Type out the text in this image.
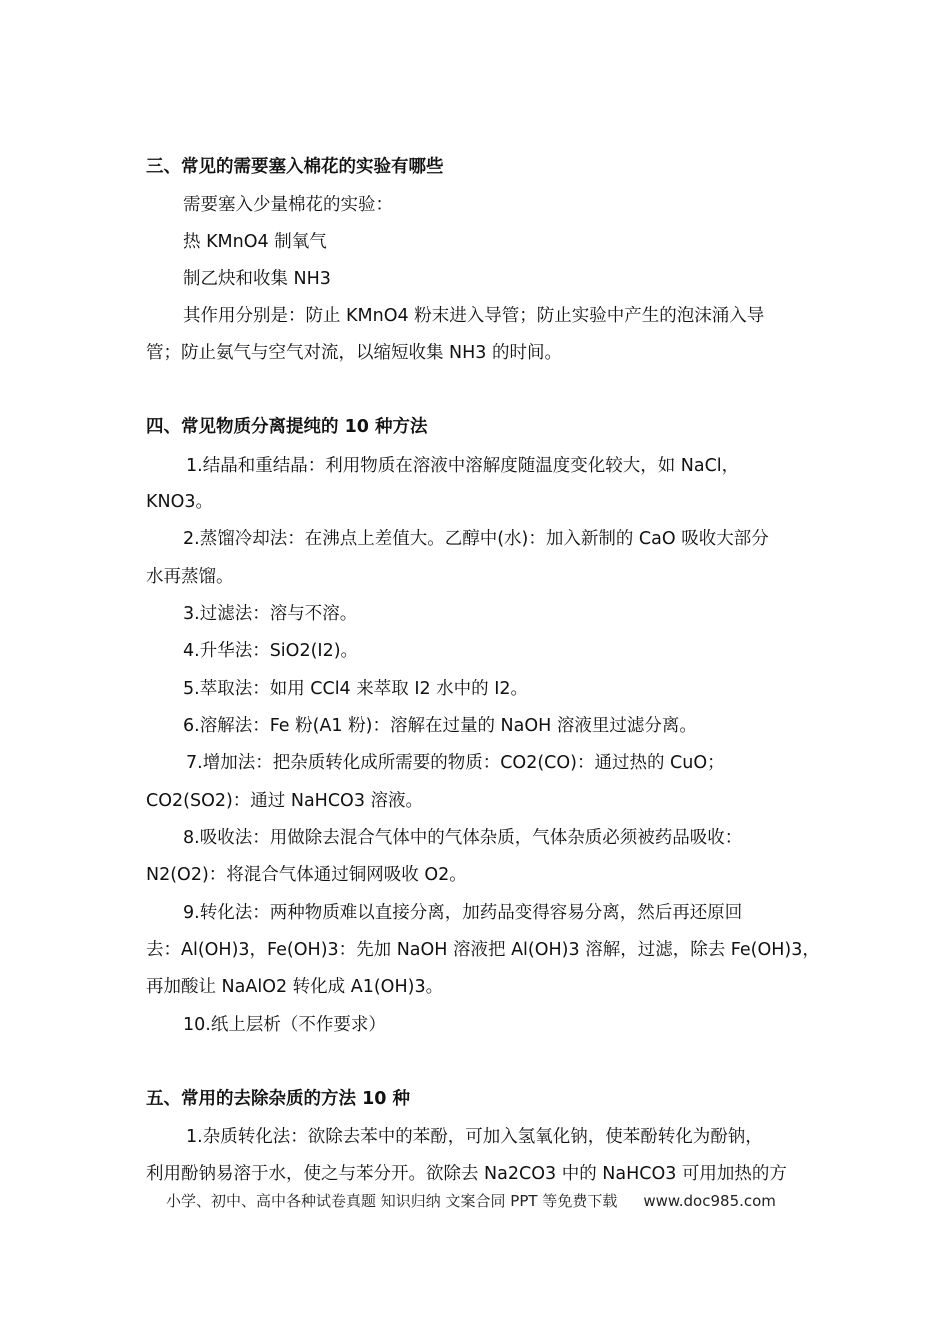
三、常见的需要塞入棉花的实验有哪些
需要塞入少量棉花的实验：
热 KMnO4 制氧气
制乙炔和收集 NH3
其作用分别是：防止 KMnO4 粉末进入导管；防止实验中产生的泡沫涌入导
管；防止氨气与空气对流，以缩短收集 NH3 的时间。
四、常见物质分离提纯的 10 种方法
1.结晶和重结晶：利用物质在溶液中溶解度随温度变化较大，如 NaCl，
KNO3。
2.蒸馏冷却法：在沸点上差值大。乙醇中(水)：加入新制的 CaO 吸收大部分
水再蒸馏。
3.过滤法：溶与不溶。
4.升华法：SiO2(I2)。
5.萃取法：如用 CCl4 来萃取 I2 水中的 I2。
6.溶解法：Fe 粉(A1 粉)：溶解在过量的 NaOH 溶液里过滤分离。
7.增加法：把杂质转化成所需要的物质：CO2(CO)：通过热的 CuO；
CO2(SO2)：通过 NaHCO3 溶液。
8.吸收法：用做除去混合气体中的气体杂质，气体杂质必须被药品吸收：
N2(O2)：将混合气体通过铜网吸收 O2。
9.转化法：两种物质难以直接分离，加药品变得容易分离，然后再还原回
去：Al(OH)3，Fe(OH)3：先加 NaOH 溶液把 Al(OH)3 溶解，过滤，除去 Fe(OH)3，
再加酸让 NaAlO2 转化成 A1(OH)3。
10.纸上层析（不作要求）
五、常用的去除杂质的方法 10 种
1.杂质转化法：欲除去苯中的苯酚，可加入氢氧化钠，使苯酚转化为酚钠，
利用酚钠易溶于水，使之与苯分开。欲除去 Na2CO3 中的 NaHCO3 可用加热的方
小学、初中、高中各种试卷真题 知识归纳 文案合同 PPT 等免费下载 www.doc985.com
